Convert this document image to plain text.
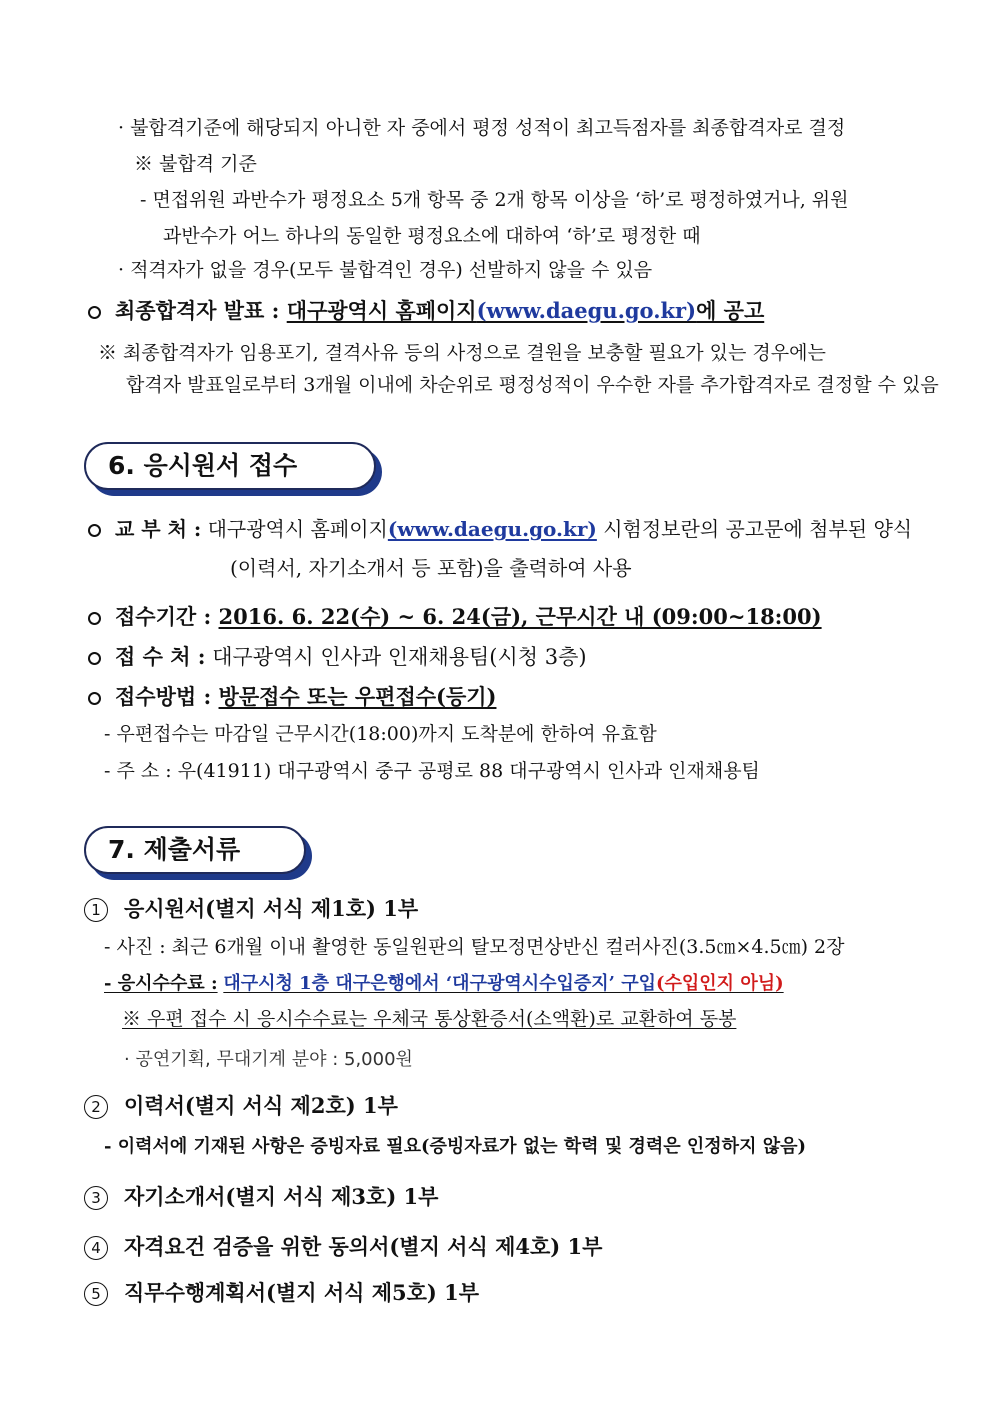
· 불합격기준에 해당되지 아니한 자 중에서 평정 성적이 최고득점자를 최종합격자로 결정
※ 불합격 기준
- 면접위원 과반수가 평정요소 5개 항목 중 2개 항목 이상을 ‘하’로 평정하였거나, 위원
과반수가 어느 하나의 동일한 평정요소에 대하여 ‘하’로 평정한 때
· 적격자가 없을 경우(모두 불합격인 경우) 선발하지 않을 수 있음
최종합격자 발표 : 대구광역시 홈페이지(www.daegu.go.kr)에 공고
※ 최종합격자가 임용포기, 결격사유 등의 사정으로 결원을 보충할 필요가 있는 경우에는
합격자 발표일로부터 3개월 이내에 차순위로 평정성적이 우수한 자를 추가합격자로 결정할 수 있음
6. 응시원서 접수
교 부 처 : 대구광역시 홈페이지(www.daegu.go.kr) 시험정보란의 공고문에 첨부된 양식
(이력서, 자기소개서 등 포함)을 출력하여 사용
접수기간 : 2016. 6. 22(수) ~ 6. 24(금), 근무시간 내 (09:00~18:00)
접 수 처 : 대구광역시 인사과 인재채용팀(시청 3층)
접수방법 : 방문접수 또는 우편접수(등기)
- 우편접수는 마감일 근무시간(18:00)까지 도착분에 한하여 유효함
- 주 소 : 우(41911) 대구광역시 중구 공평로 88 대구광역시 인사과 인재채용팀
7. 제출서류
1 응시원서(별지 서식 제1호) 1부
- 사진 : 최근 6개월 이내 촬영한 동일원판의 탈모정면상반신 컬러사진(3.5㎝×4.5㎝) 2장
- 응시수수료 : 대구시청 1층 대구은행에서 ‘대구광역시수입증지’ 구입(수입인지 아님)
※ 우편 접수 시 응시수수료는 우체국 통상환증서(소액환)로 교환하여 동봉
· 공연기획, 무대기계 분야 : 5,000원
2 이력서(별지 서식 제2호) 1부
- 이력서에 기재된 사항은 증빙자료 필요(증빙자료가 없는 학력 및 경력은 인정하지 않음)
3 자기소개서(별지 서식 제3호) 1부
4 자격요건 검증을 위한 동의서(별지 서식 제4호) 1부
5 직무수행계획서(별지 서식 제5호) 1부
